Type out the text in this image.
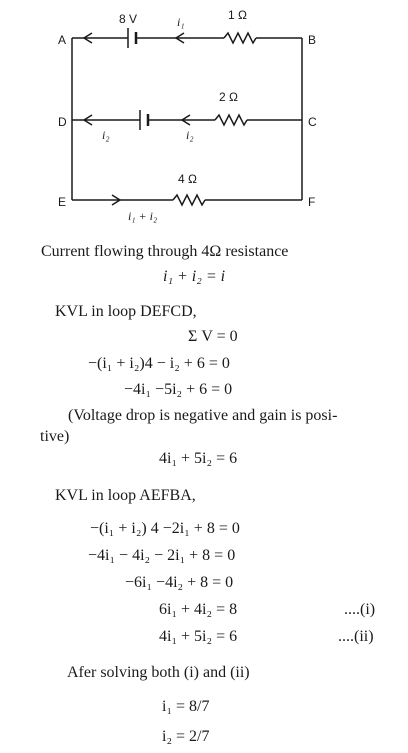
A	B
C
D
E	F
8 V	i₁	1 Ω
2 Ω
i₂	i₂
4 Ω
i₁ + i₂
Current flowing through 4Ω resistance
i₁ + i₂ = i
KVL in loop DEFCD,
Σ V = 0
−(i₁ + i₂)4 − i₂ + 6 = 0
−4i₁ −5i₂ + 6 = 0
(Voltage drop is negative and gain is posi-
tive)
4i₁ + 5i₂ = 6
KVL in loop AEFBA,
−(i₁ + i₂) 4 −2i₁ + 8 = 0
−4i₁ − 4i₂ − 2i₁ + 8 = 0
−6i₁ −4i₂ + 8 = 0
6i₁ + 4i₂ = 8	....(i)
4i₁ + 5i₂ = 6	....(ii)
Afer solving both (i) and (ii)
i₁ = 8/7
i₂ = 2/7
